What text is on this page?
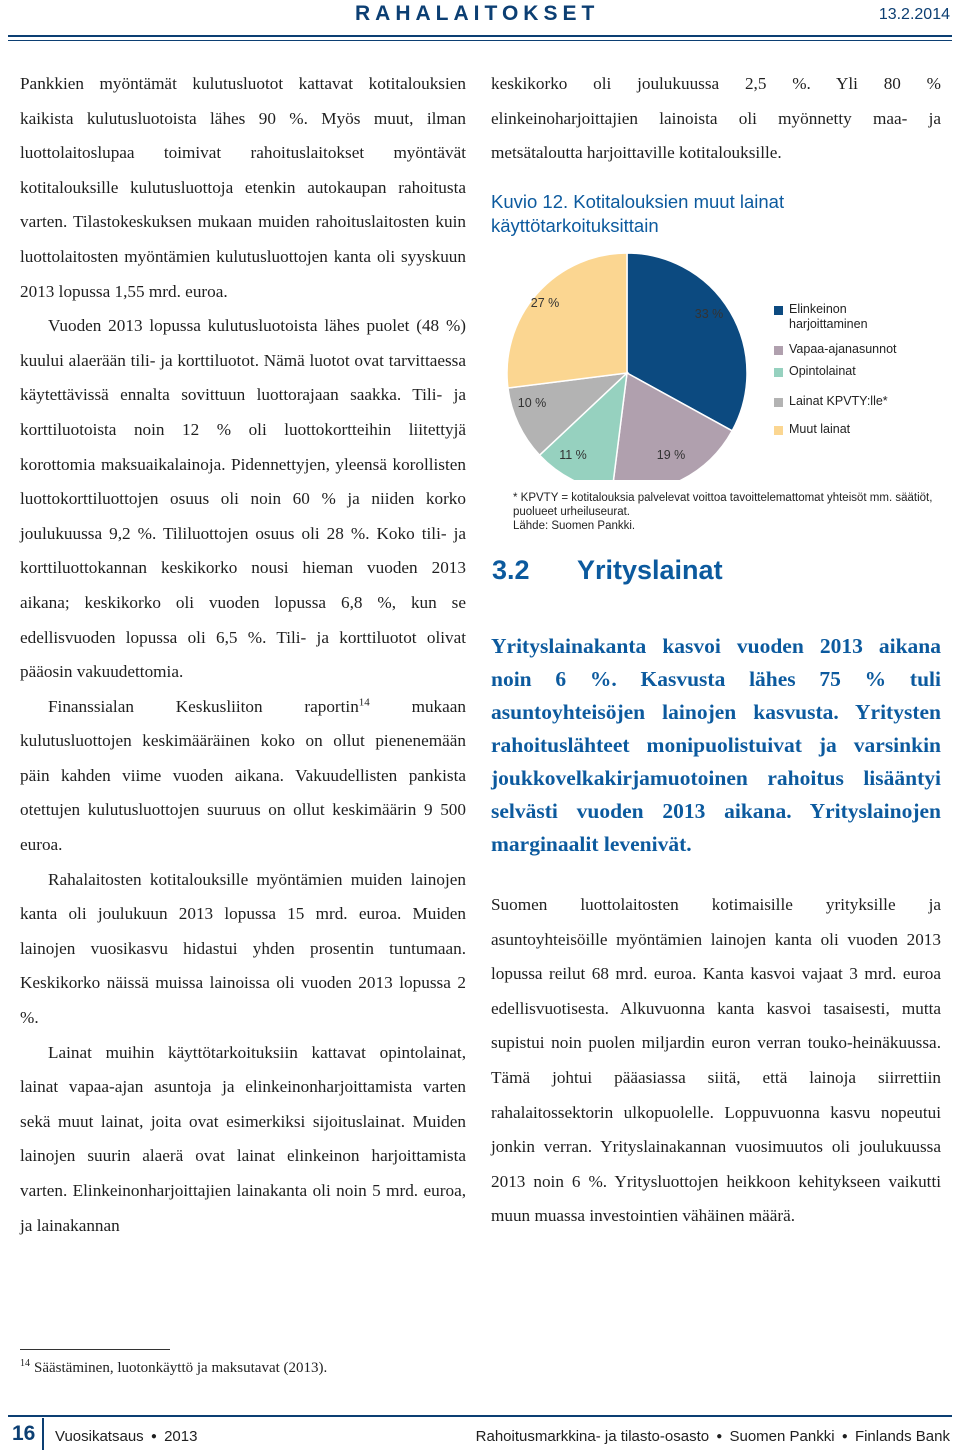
RAHALAITOKSET	13.2.2014

Pankkien myöntämät kulutusluotot kattavat kotitalouksien kaikista kulutusluotoista lähes 90 %. Myös muut, ilman luottolaitoslupaa toimivat rahoituslaitokset myöntävät kotitalouksille kulutusluottoja etenkin autokaupan rahoitusta varten. Tilastokeskuksen mukaan muiden rahoituslaitosten kuin luottolaitosten myöntämien kulutusluottojen kanta oli syyskuun 2013 lopussa 1,55 mrd. euroa.

Vuoden 2013 lopussa kulutusluotoista lähes puolet (48 %) kuului alaerään tili- ja korttiluotot. Nämä luotot ovat tarvittaessa käytettävissä ennalta sovittuun luottorajaan saakka. Tili- ja korttiluotoista noin 12 % oli luottokortteihin liitettyjä korottomia maksuaikalainoja. Pidennettyjen, yleensä korollisten luottokorttiluottojen osuus oli noin 60 % ja niiden korko joulukuussa 9,2 %. Tililuottojen osuus oli 28 %. Koko tili- ja korttiluottokannan keskikorko nousi hieman vuoden 2013 aikana; keskikorko oli vuoden lopussa 6,8 %, kun se edellisvuoden lopussa oli 6,5 %. Tili- ja korttiluotot olivat pääosin vakuudettomia.

Finanssialan Keskusliiton raportin$^{14}$ mukaan kulutusluottojen keskimääräinen koko on ollut pienenemään päin kahden viime vuoden aikana. Vakuudellisten pankista otettujen kulutusluottojen suuruus on ollut keskimäärin 9 500 euroa.

Rahalaitosten kotitalouksille myöntämien muiden lainojen kanta oli joulukuun 2013 lopussa 15 mrd. euroa. Muiden lainojen vuosikasvu hidastui yhden prosentin tuntumaan. Keskikorko näissä muissa lainoissa oli vuoden 2013 lopussa 2 %.

Lainat muihin käyttötarkoituksiin kattavat opintolainat, lainat vapaa-ajan asuntoja ja elinkeinonharjoittamista varten sekä muut lainat, joita ovat esimerkiksi sijoituslainat. Muiden lainojen suurin alaerä ovat lainat elinkeinon harjoittamista varten. Elinkeinonharjoittajien lainakanta oli noin 5 mrd. euroa, ja lainakannan

keskikorko oli joulukuussa 2,5 %. Yli 80 % elinkeinoharjoittajien lainoista oli myönnetty maa- ja metsätaloutta harjoittaville kotitalouksille.

Kuvio 12. Kotitalouksien muut lainat käyttötarkoituksittain
33 %
19 %
11 %
10 %
27 %	Elinkeinon
harjoittaminen
Vapaa-ajanasunnot
Opintolainat
Lainat KPVTY:lle*
Muut lainat
* KPVTY = kotitalouksia palvelevat voittoa tavoittelemattomat yhteisöt mm. säätiöt, puolueet urheiluseurat.
Lähde: Suomen Pankki.
3.2 Yrityslainat
Yrityslainakanta kasvoi vuoden 2013 aikana noin 6 %. Kasvusta lähes 75 % tuli asuntoyhteisöjen lainojen kasvusta. Yritysten rahoituslähteet monipuolistuivat ja varsinkin joukkovelkakirjamuotoinen rahoitus lisääntyi selvästi vuoden 2013 aikana. Yrityslainojen marginaalit levenivät.

Suomen luottolaitosten kotimaisille yrityksille ja asuntoyhteisöille myöntämien lainojen kanta oli vuoden 2013 lopussa reilut 68 mrd. euroa. Kanta kasvoi vajaat 3 mrd. euroa edellisvuotisesta. Alkuvuonna kanta kasvoi tasaisesti, mutta supistui noin puolen miljardin euron verran touko-heinäkuussa. Tämä johtui pääasiassa siitä, että lainoja siirrettiin rahalaitossektorin ulkopuolelle. Loppuvuonna kasvu nopeutui jonkin verran. Yrityslainakannan vuosimuutos oli joulukuussa 2013 noin 6 %. Yritysluottojen heikkoon kehitykseen vaikutti muun muassa investointien vähäinen määrä.

$^{14}$ Säästäminen, luotonkäyttö ja maksutavat (2013).
16 Vuosikatsaus ● 2013	Rahoitusmarkkina- ja tilasto-osasto ● Suomen Pankki ● Finlands Bank
